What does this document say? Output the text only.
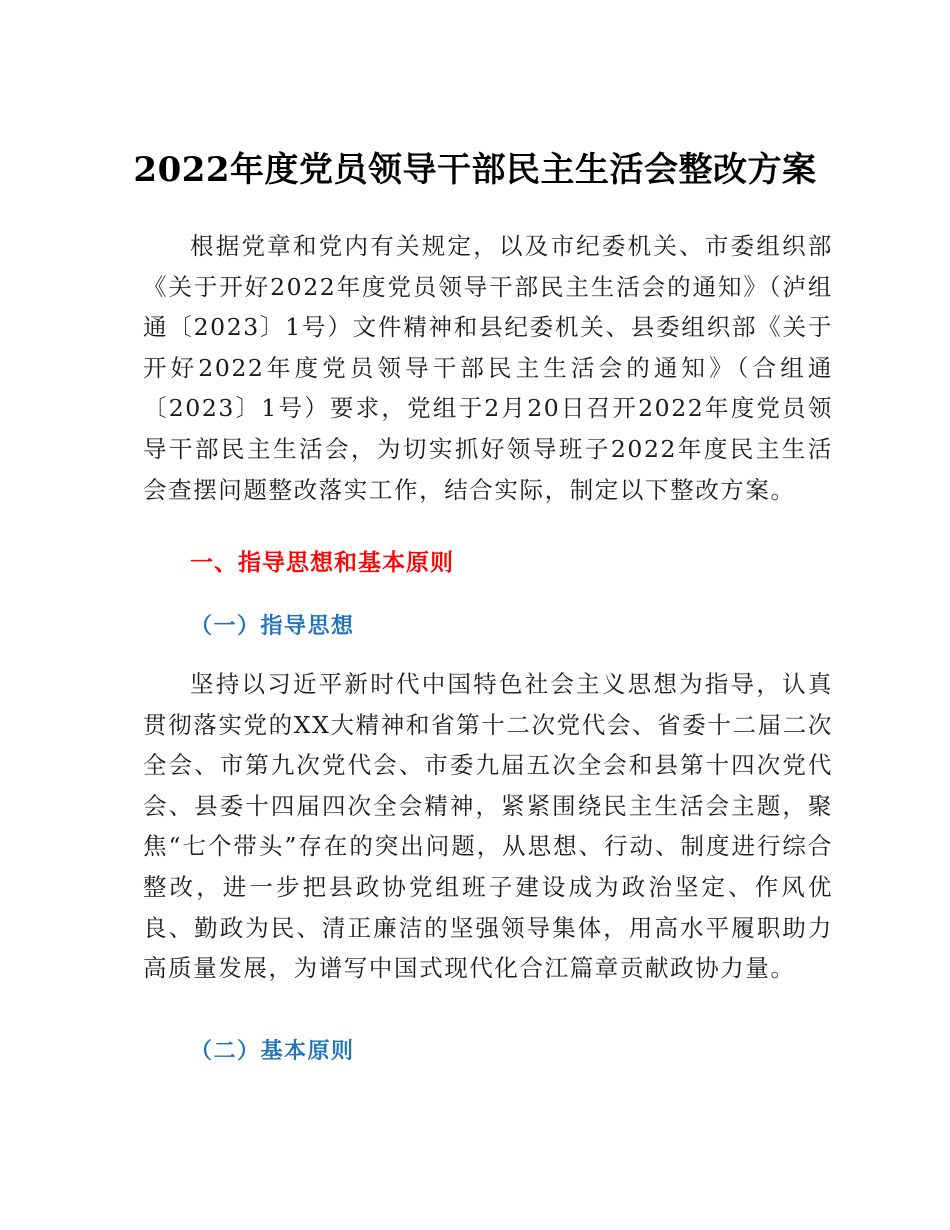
2022年度党员领导干部民主生活会整改方案

根据党章和党内有关规定，以及市纪委机关、市委组织部《关于开好2022年度党员领导干部民主生活会的通知》（泸组通〔2023〕1号）文件精神和县纪委机关、县委组织部《关于开好2022年度党员领导干部民主生活会的通知》（合组通〔2023〕1号）要求，党组于2月20日召开2022年度党员领导干部民主生活会，为切实抓好领导班子2022年度民主生活会查摆问题整改落实工作，结合实际，制定以下整改方案。

一、指导思想和基本原则
（一）指导思想

坚持以习近平新时代中国特色社会主义思想为指导，认真贯彻落实党的XX大精神和省第十二次党代会、省委十二届二次全会、市第九次党代会、市委九届五次全会和县第十四次党代会、县委十四届四次全会精神，紧紧围绕民主生活会主题，聚焦“七个带头”存在的突出问题，从思想、行动、制度进行综合整改，进一步把县政协党组班子建设成为政治坚定、作风优良、勤政为民、清正廉洁的坚强领导集体，用高水平履职助力高质量发展，为谱写中国式现代化合江篇章贡献政协力量。

（二）基本原则
